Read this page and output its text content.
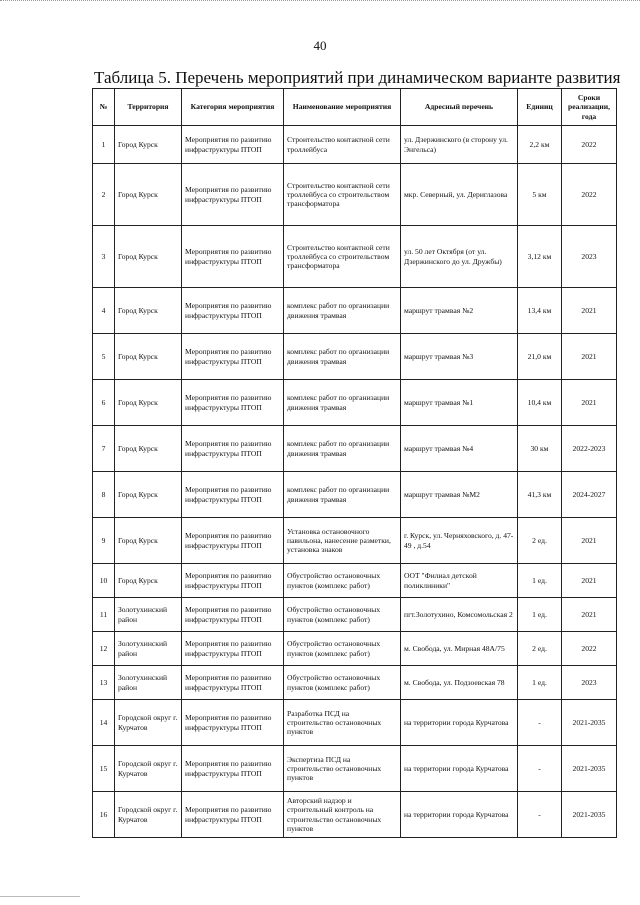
40
Таблица 5. Перечень мероприятий при динамическом варианте развития
№	Территория	Категория мероприятия	Наименование мероприятия	Адресный перечень	Единиц	Сроки реализации, года
1	Город Курск	Мероприятия по развитию инфраструктуры ПТОП	Строительство контактной сети троллейбуса	ул. Дзержинского (в сторону ул. Энгельса)	2,2 км	2022
2	Город Курск	Мероприятия по развитию инфраструктуры ПТОП	Строительство контактной сети троллейбуса со строительством трансформатора	мкр. Северный, ул. Дериглазова	5 км	2022
3	Город Курск	Мероприятия по развитию инфраструктуры ПТОП	Строительство контактной сети троллейбуса со строительством трансформатора	ул. 50 лет Октября (от ул. Дзержинского до ул. Дружбы)	3,12 км	2023
4	Город Курск	Мероприятия по развитию инфраструктуры ПТОП	комплекс работ по организации движения трамвая	маршрут трамвая №2	13,4 км	2021
5	Город Курск	Мероприятия по развитию инфраструктуры ПТОП	комплекс работ по организации движения трамвая	маршрут трамвая №3	21,0 км	2021
6	Город Курск	Мероприятия по развитию инфраструктуры ПТОП	комплекс работ по организации движения трамвая	маршрут трамвая №1	10,4 км	2021
7	Город Курск	Мероприятия по развитию инфраструктуры ПТОП	комплекс работ по организации движения трамвая	маршрут трамвая №4	30 км	2022-2023
8	Город Курск	Мероприятия по развитию инфраструктуры ПТОП	комплекс работ по организации движения трамвая	маршрут трамвая №М2	41,3 км	2024-2027
9	Город Курск	Мероприятия по развитию инфраструктуры ПТОП	Установка остановочного павильона, нанесение разметки, установка знаков	г. Курск, ул. Черняховского, д. 47-49 , д.54	2 ед.	2021
10	Город Курск	Мероприятия по развитию инфраструктуры ПТОП	Обустройство остановочных пунктов (комплекс работ)	ООТ "Филиал детской поликлиники"	1 ед.	2021
11	Золотухинский район	Мероприятия по развитию инфраструктуры ПТОП	Обустройство остановочных пунктов (комплекс работ)	пгт.Золотухино, Комсомольская 2	1 ед.	2021
12	Золотухинский район	Мероприятия по развитию инфраструктуры ПТОП	Обустройство остановочных пунктов (комплекс работ)	м. Свобода, ул. Мирная 48А/75	2 ед.	2022
13	Золотухинский район	Мероприятия по развитию инфраструктуры ПТОП	Обустройство остановочных пунктов (комплекс работ)	м. Свобода, ул. Подзоевская 78	1 ед.	2023
14	Городской округ г. Курчатов	Мероприятия по развитию инфраструктуры ПТОП	Разработка ПСД на строительство остановочных пунктов	на территории города Курчатова	-	2021-2035
15	Городской округ г. Курчатов	Мероприятия по развитию инфраструктуры ПТОП	Экспертиза ПСД на строительство остановочных пунктов	на территории города Курчатова	-	2021-2035
16	Городской округ г. Курчатов	Мероприятия по развитию инфраструктуры ПТОП	Авторский надзор и строительный контроль на строительство остановочных пунктов	на территории города Курчатова	-	2021-2035
